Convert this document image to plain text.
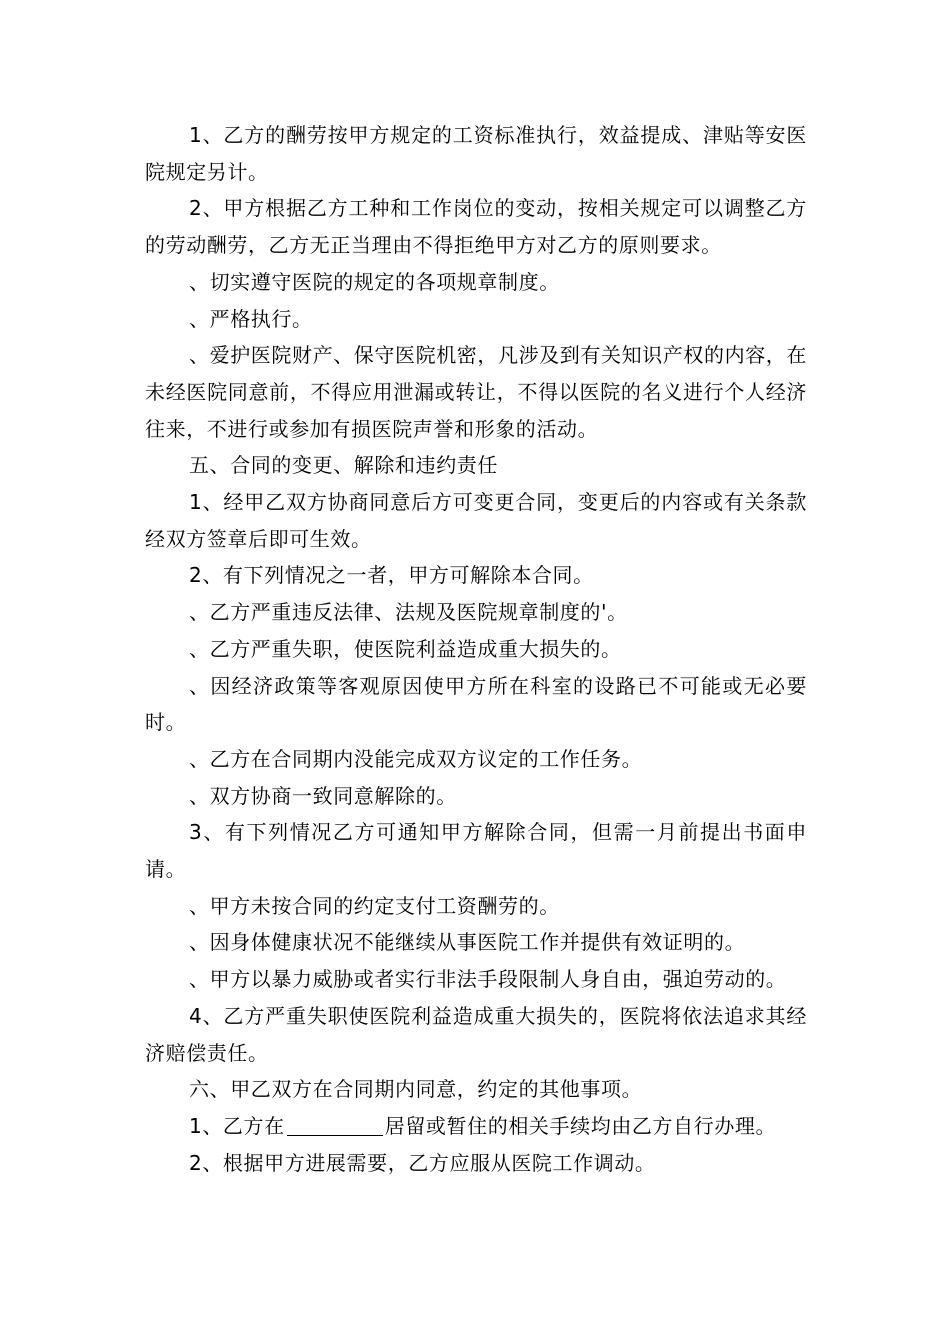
1、乙方的酬劳按甲方规定的工资标准执行，效益提成、津贴等安医院规定另计。

2、甲方根据乙方工种和工作岗位的变动，按相关规定可以调整乙方的劳动酬劳，乙方无正当理由不得拒绝甲方对乙方的原则要求。

、切实遵守医院的规定的各项规章制度。

、严格执行。

、爱护医院财产、保守医院机密，凡涉及到有关知识产权的内容，在未经医院同意前，不得应用泄漏或转让，不得以医院的名义进行个人经济往来，不进行或参加有损医院声誉和形象的活动。

五、合同的变更、解除和违约责任

1、经甲乙双方协商同意后方可变更合同，变更后的内容或有关条款经双方签章后即可生效。

2、有下列情况之一者，甲方可解除本合同。

、乙方严重违反法律、法规及医院规章制度的'。

、乙方严重失职，使医院利益造成重大损失的。

、因经济政策等客观原因使甲方所在科室的设路已不可能或无必要时。

、乙方在合同期内没能完成双方议定的工作任务。

、双方协商一致同意解除的。

3、有下列情况乙方可通知甲方解除合同，但需一月前提出书面申请。

、甲方未按合同的约定支付工资酬劳的。

、因身体健康状况不能继续从事医院工作并提供有效证明的。

、甲方以暴力威胁或者实行非法手段限制人身自由，强迫劳动的。

4、乙方严重失职使医院利益造成重大损失的，医院将依法追求其经济赔偿责任。

六、甲乙双方在合同期内同意，约定的其他事项。

1、乙方在	居留或暂住的相关手续均由乙方自行办理。

2、根据甲方进展需要，乙方应服从医院工作调动。
